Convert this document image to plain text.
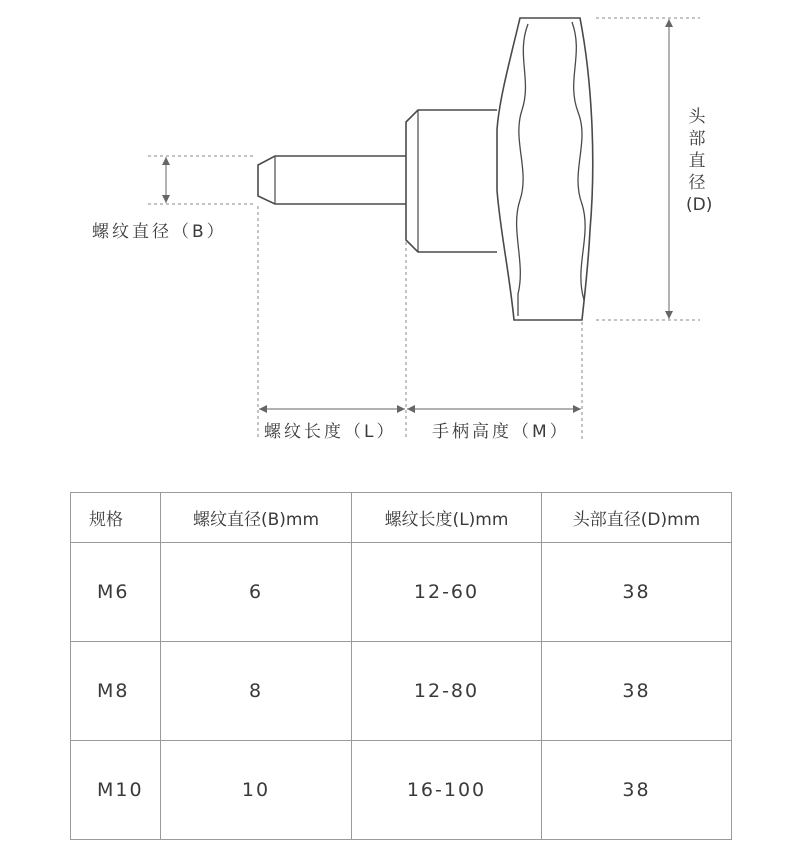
螺纹直径（B）
螺纹长度（L） 手柄高度（M）
头部直径(D)
规格	螺纹直径(B)mm	螺纹长度(L)mm	头部直径(D)mm
M6	6	12-60	38
M8	8	12-80	38
M10	10	16-100	38
